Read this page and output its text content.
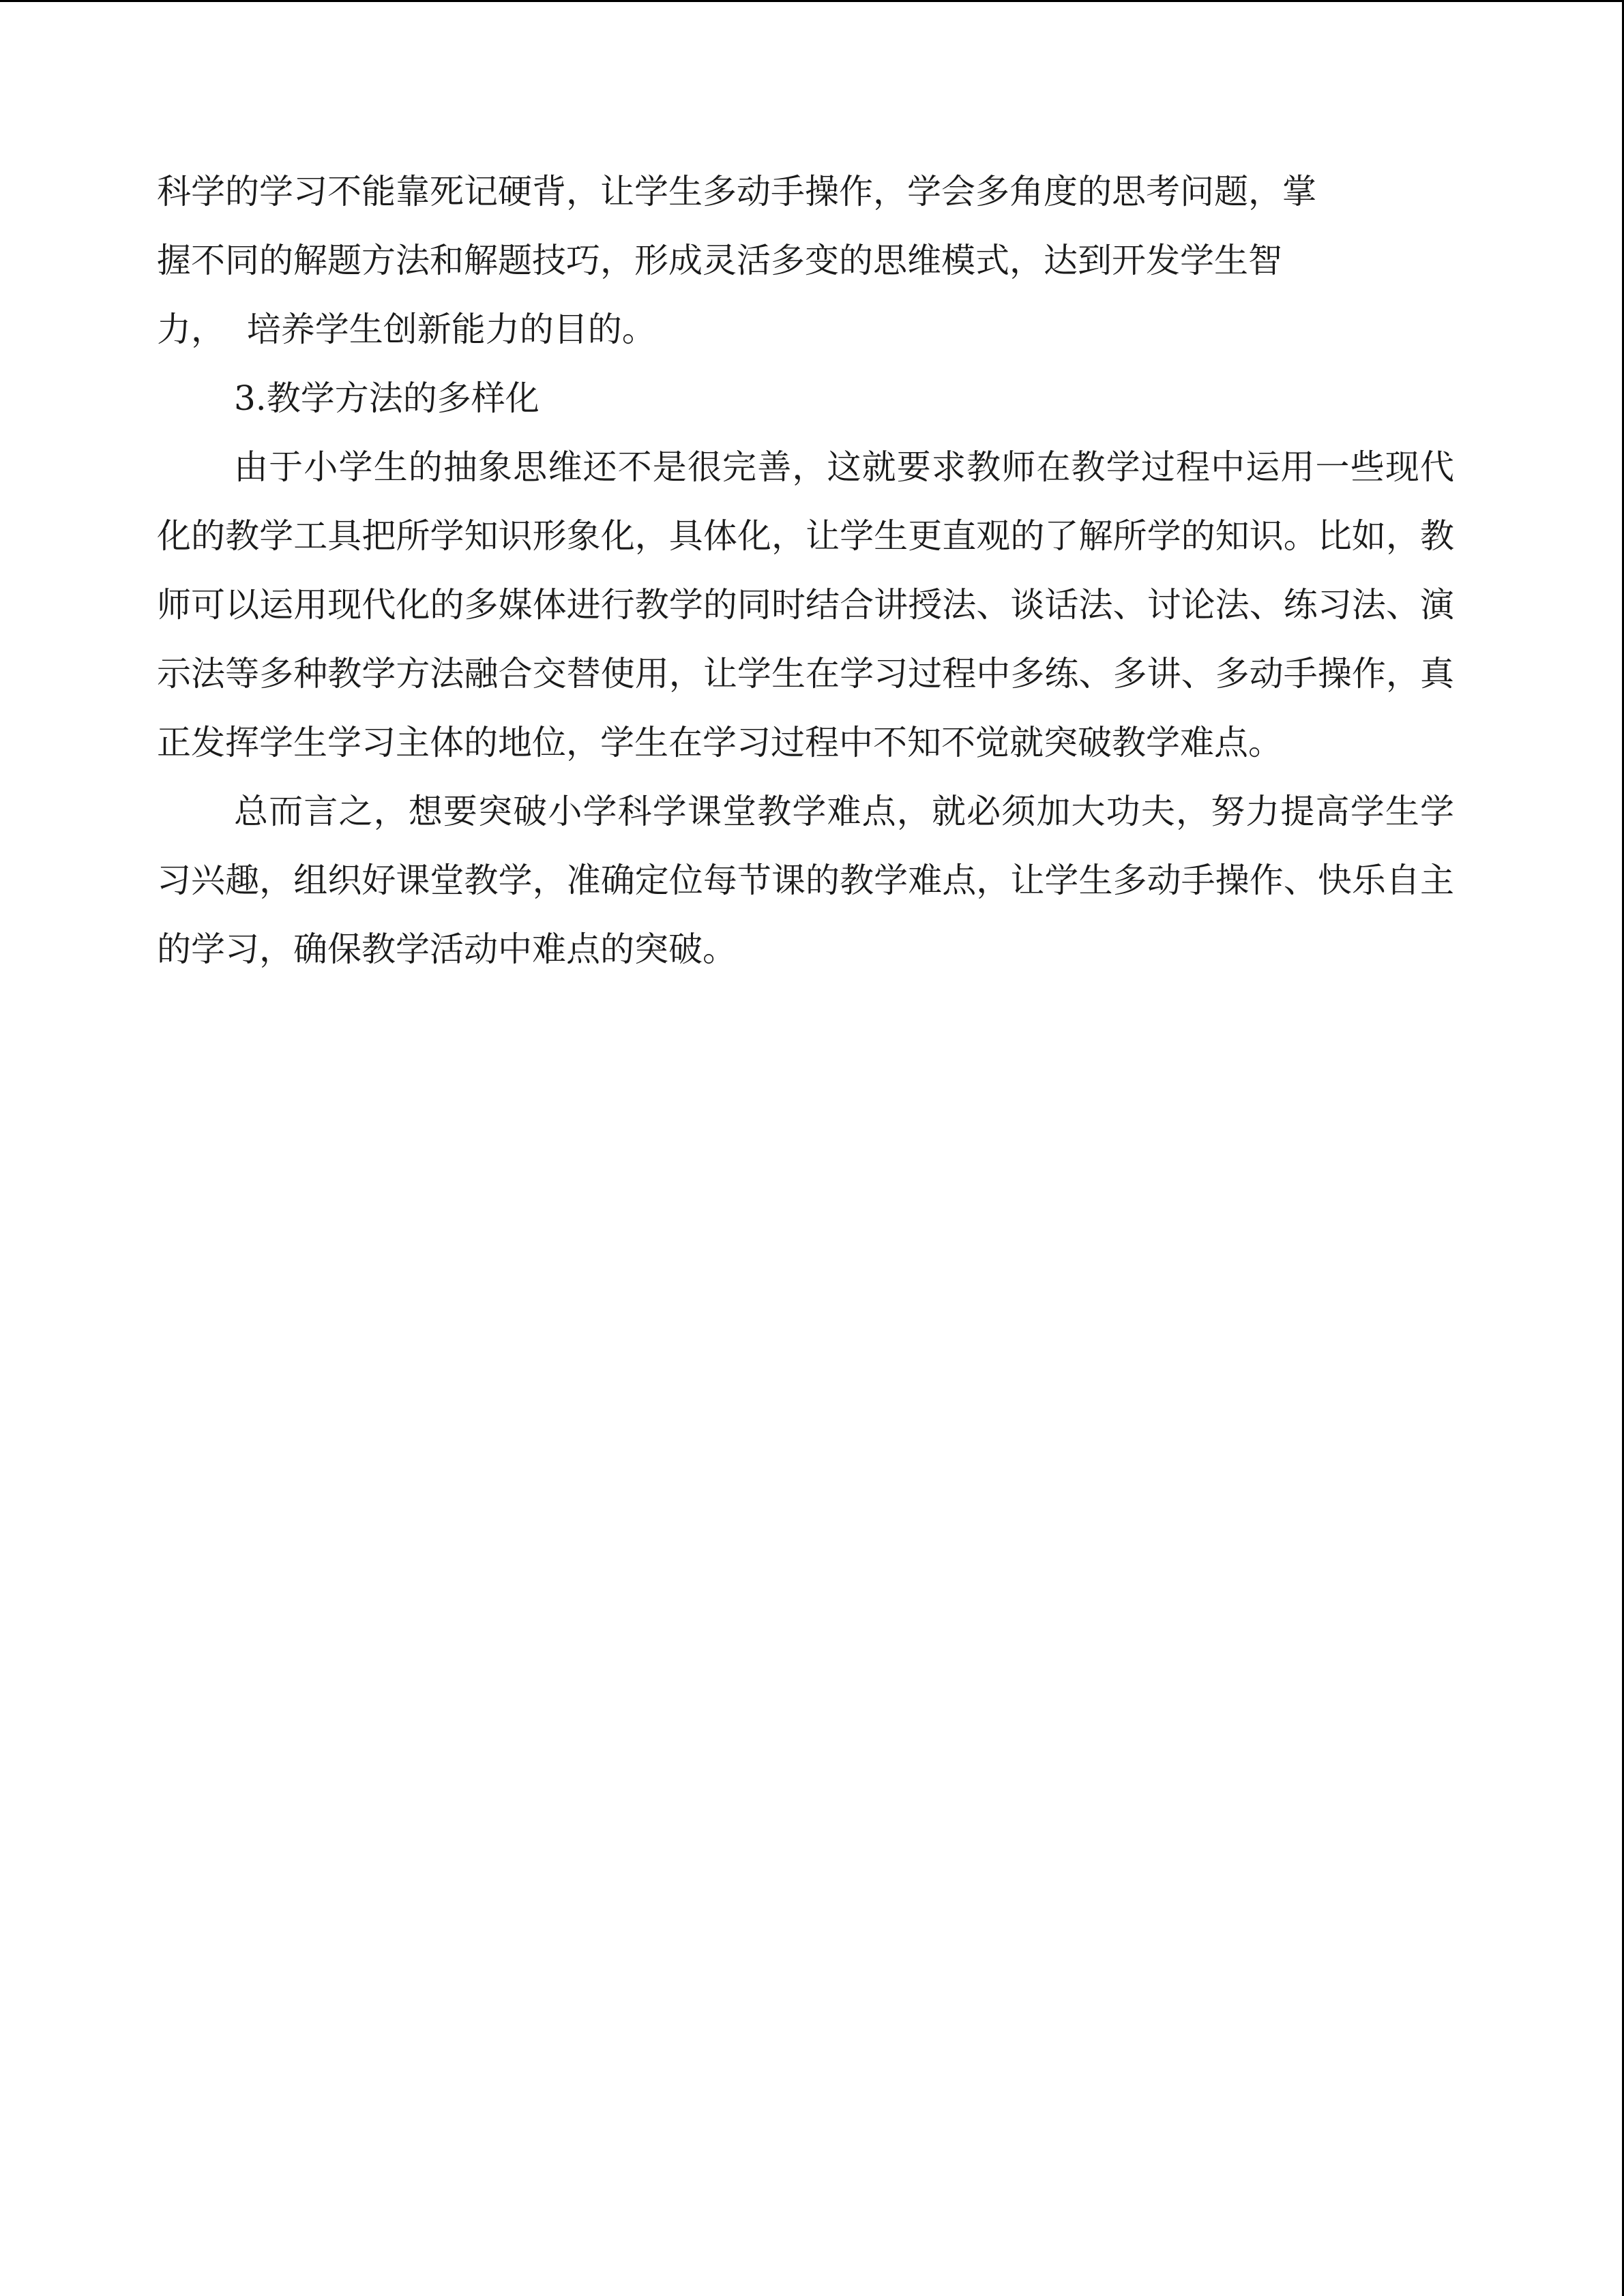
科学的学习不能靠死记硬背，让学生多动手操作，学会多角度的思考问题，掌

握不同的解题方法和解题技巧，形成灵活多变的思维模式，达到开发学生智

力，  培养学生创新能力的目的。

3.教学方法的多样化

由于小学生的抽象思维还不是很完善，这就要求教师在教学过程中运用一些现代化的教学工具把所学知识形象化，具体化，让学生更直观的了解所学的知识。比如，教师可以运用现代化的多媒体进行教学的同时结合讲授法、谈话法、讨论法、练习法、演示法等多种教学方法融合交替使用，让学生在学习过程中多练、多讲、多动手操作，真正发挥学生学习主体的地位，学生在学习过程中不知不觉就突破教学难点。

总而言之，想要突破小学科学课堂教学难点，就必须加大功夫，努力提高学生学习兴趣，组织好课堂教学，准确定位每节课的教学难点，让学生多动手操作、快乐自主的学习，确保教学活动中难点的突破。
